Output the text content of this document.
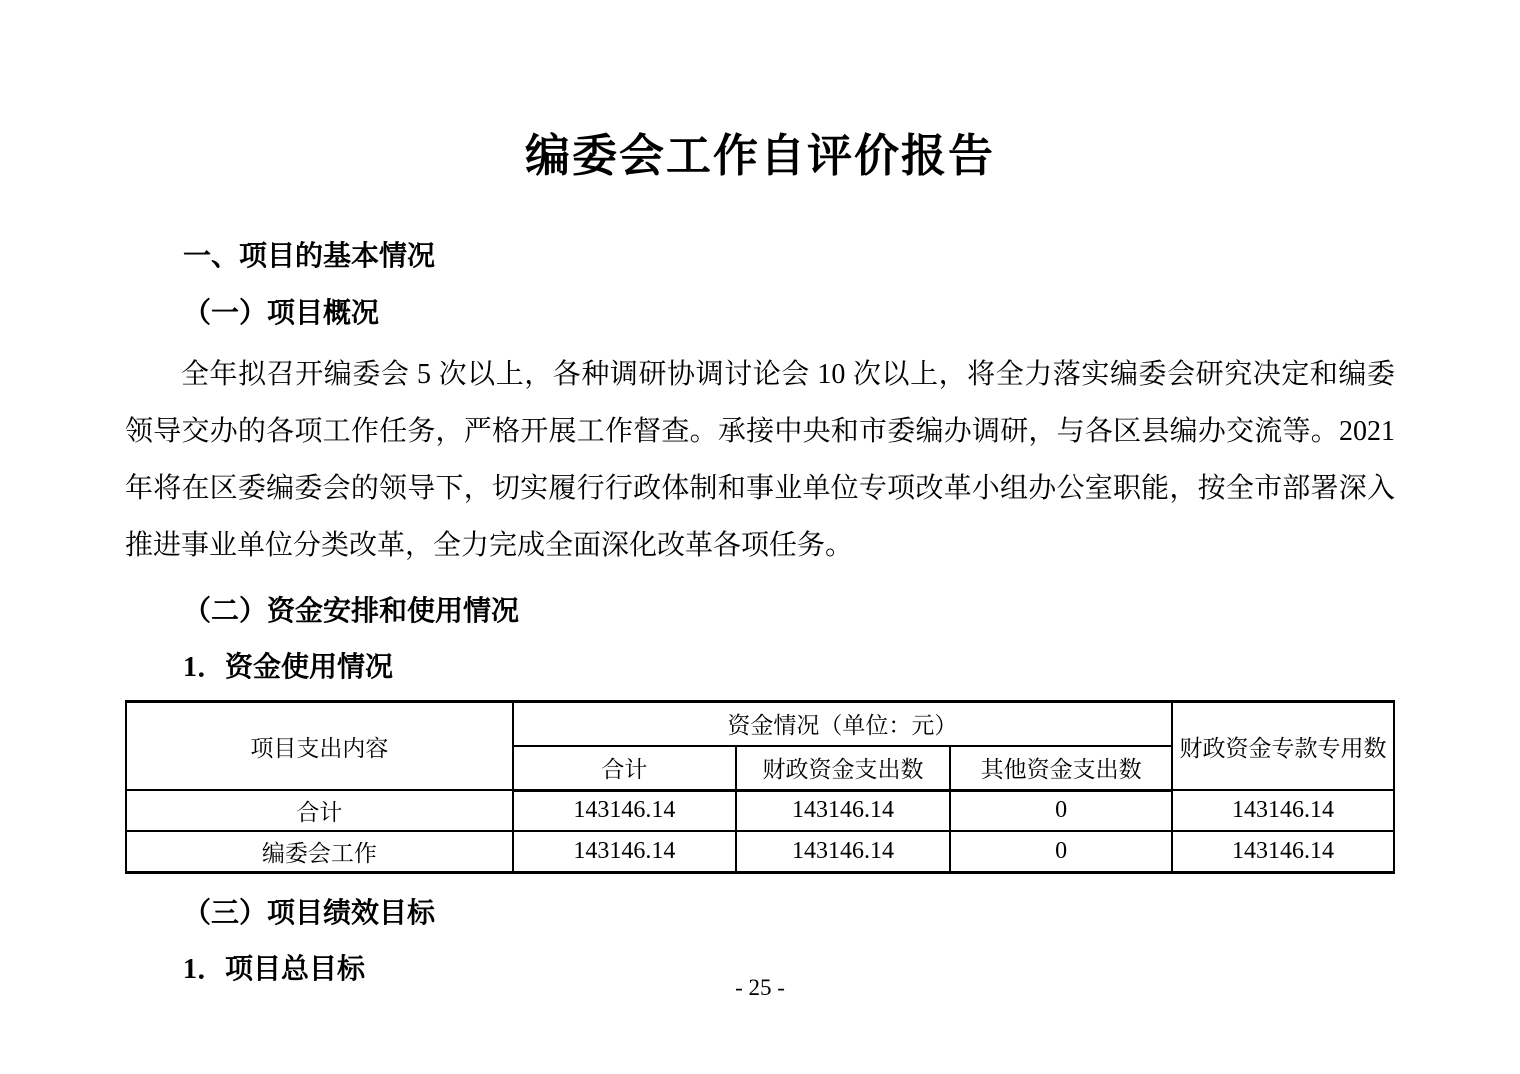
编委会工作自评价报告
一、项目的基本情况
（一）项目概况

全年拟召开编委会 5 次以上，各种调研协调讨论会 10 次以上，将全力落实编委会研究决定和编委领导交办的各项工作任务，严格开展工作督查。承接中央和市委编办调研，与各区县编办交流等。2021 年将在区委编委会的领导下，切实履行行政体制和事业单位专项改革小组办公室职能，按全市部署深入推进事业单位分类改革，全力完成全面深化改革各项任务。

（二）资金安排和使用情况
1．资金使用情况
项目支出内容	资金情况（单位：元）			财政资金专款专用数
	合计	财政资金支出数	其他资金支出数	
合计	143146.14	143146.14	0	143146.14
编委会工作	143146.14	143146.14	0	143146.14
（三）项目绩效目标
1．项目总目标
- 25 -
